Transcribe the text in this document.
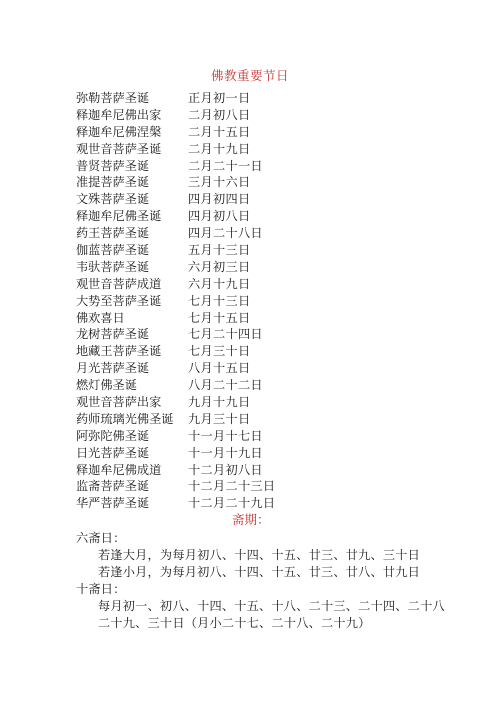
佛教重要节日
弥勒菩萨圣诞	正月初一日
释迦牟尼佛出家 二月初八日
释迦牟尼佛涅槃 二月十五日
观世音菩萨圣诞 二月十九日
普贤菩萨圣诞	二月二十一日
准提菩萨圣诞	三月十六日
文殊菩萨圣诞	四月初四日
释迦牟尼佛圣诞 四月初八日
药王菩萨圣诞	四月二十八日
伽蓝菩萨圣诞	五月十三日
韦驮菩萨圣诞	六月初三日
观世音菩萨成道 六月十九日
大势至菩萨圣诞 七月十三日
佛欢喜日	七月十五日
龙树菩萨圣诞	七月二十四日
地藏王菩萨圣诞 七月三十日
月光菩萨圣诞	八月十五日
燃灯佛圣诞	八月二十二日
观世音菩萨出家 九月十九日
药师琉璃光佛圣诞 九月三十日
阿弥陀佛圣诞	十一月十七日
日光菩萨圣诞	十一月十九日
释迦牟尼佛成道 十二月初八日
监斋菩萨圣诞	十二月二十三日
华严菩萨圣诞	十二月二十九日
斋期：
六斋日：
若逢大月，为每月初八、十四、十五、廿三、廿九、三十日
若逢小月，为每月初八、十四、十五、廿三、廿八、廿九日
十斋日：
每月初一、初八、十四、十五、十八、二十三、二十四、二十八
二十九、三十日（月小二十七、二十八、二十九）
